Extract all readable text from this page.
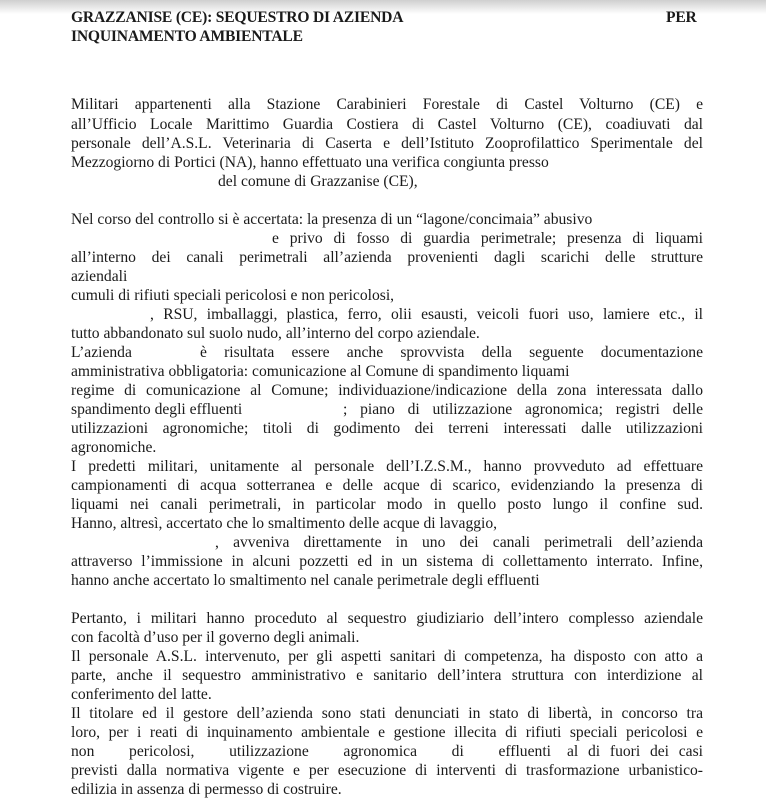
GRAZZANISE (CE): SEQUESTRO DI AZIENDA	PER
INQUINAMENTO AMBIENTALE
Militari appartenenti alla Stazione Carabinieri Forestale di Castel Volturno (CE) e
all’Ufficio Locale Marittimo Guardia Costiera di Castel Volturno (CE), coadiuvati dal
personale dell’A.S.L. Veterinaria di Caserta e dell’Istituto Zooprofilattico Sperimentale del
Mezzogiorno di Portici (NA), hanno effettuato una verifica congiunta presso
del comune di Grazzanise (CE),
Nel corso del controllo si è accertata: la presenza di un “lagone/concimaia” abusivo
e privo di fosso di guardia perimetrale; presenza di liquami
all’interno dei canali perimetrali all’azienda provenienti dagli scarichi delle strutture
aziendali
cumuli di rifiuti speciali pericolosi e non pericolosi,
, RSU, imballaggi, plastica, ferro, olii esausti, veicoli fuori uso, lamiere etc., il
tutto abbandonato sul suolo nudo, all’interno del corpo aziendale.
L’azienda	è risultata essere anche sprovvista della seguente documentazione
amministrativa obbligatoria: comunicazione al Comune di spandimento liquami
regime di comunicazione al Comune; individuazione/indicazione della zona interessata dallo
spandimento degli effluenti	; piano di utilizzazione agronomica; registri delle
utilizzazioni agronomiche; titoli di godimento dei terreni interessati dalle utilizzazioni
agronomiche.
I predetti militari, unitamente al personale dell’I.Z.S.M., hanno provveduto ad effettuare
campionamenti di acqua sotterranea e delle acque di scarico, evidenziando la presenza di
liquami nei canali perimetrali, in particolar modo in quello posto lungo il confine sud.
Hanno, altresì, accertato che lo smaltimento delle acque di lavaggio,
, avveniva direttamente in uno dei canali perimetrali dell’azienda
attraverso l’immissione in alcuni pozzetti ed in un sistema di collettamento interrato. Infine,
hanno anche accertato lo smaltimento nel canale perimetrale degli effluenti
Pertanto, i militari hanno proceduto al sequestro giudiziario dell’intero complesso aziendale
con facoltà d’uso per il governo degli animali.
Il personale A.S.L. intervenuto, per gli aspetti sanitari di competenza, ha disposto con atto a
parte, anche il sequestro amministrativo e sanitario dell’intera struttura con interdizione al
conferimento del latte.
Il titolare ed il gestore dell’azienda sono stati denunciati in stato di libertà, in concorso tra
loro, per i reati di inquinamento ambientale e gestione illecita di rifiuti speciali pericolosi e
non pericolosi, utilizzazione agronomica di effluenti al di fuori dei casi
previsti dalla normativa vigente e per esecuzione di interventi di trasformazione urbanistico-
edilizia in assenza di permesso di costruire.
